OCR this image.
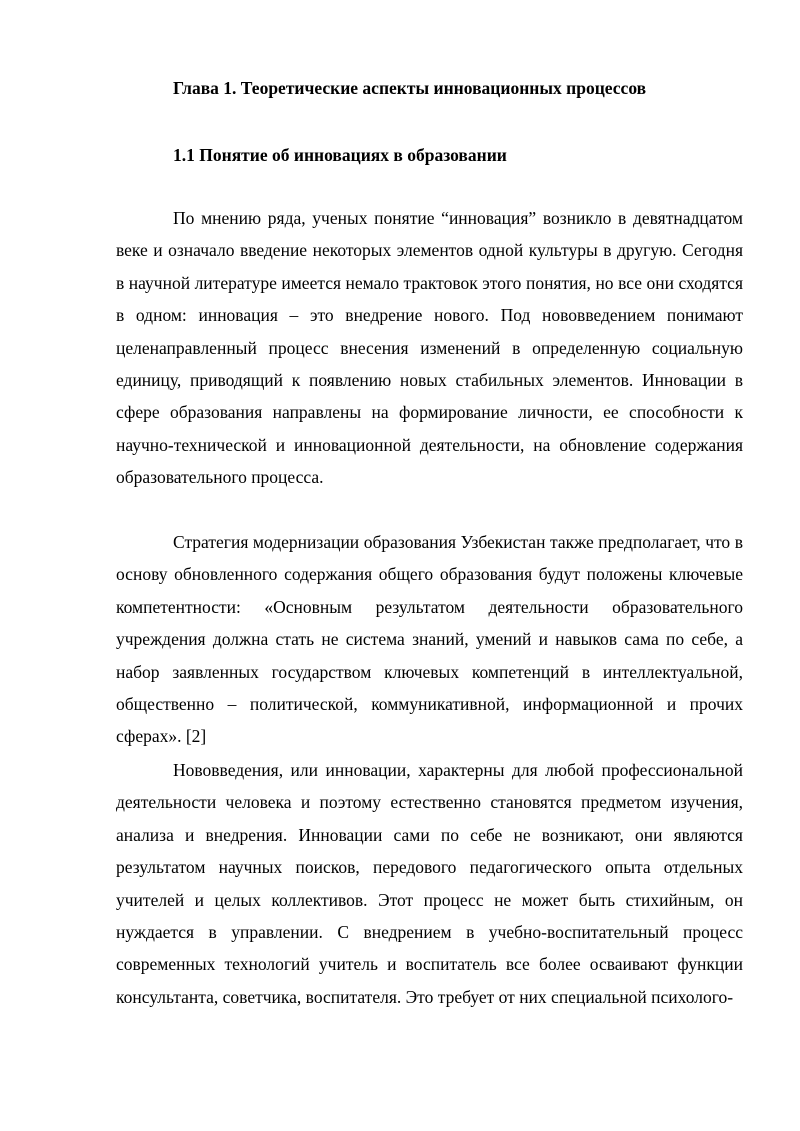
Глава 1. Теоретические аспекты инновационных процессов
1.1 Понятие об инновациях в образовании

По мнению ряда, ученых понятие “инновация” возникло в девятнадцатом веке и означало введение некоторых элементов одной культуры в другую. Сегодня в научной литературе имеется немало трактовок этого понятия, но все они сходятся в одном: инновация – это внедрение нового. Под нововведением понимают целенаправленный процесс внесения изменений в определенную социальную единицу, приводящий к появлению новых стабильных элементов. Инновации в сфере образования направлены на формирование личности, ее способности к научно-технической и инновационной деятельности, на обновление содержания образовательного процесса.

Стратегия модернизации образования Узбекистан также предполагает, что в основу обновленного содержания общего образования будут положены ключевые компетентности: «Основным результатом деятельности образовательного учреждения должна стать не система знаний, умений и навыков сама по себе, а набор заявленных государством ключевых компетенций в интеллектуальной, общественно – политической, коммуникативной, информационной и прочих сферах». [2]

Нововведения, или инновации, характерны для любой профессиональной деятельности человека и поэтому естественно становятся предметом изучения, анализа и внедрения. Инновации сами по себе не возникают, они являются результатом научных поисков, передового педагогического опыта отдельных учителей и целых коллективов. Этот процесс не может быть стихийным, он нуждается в управлении. С внедрением в учебно-воспитательный процесс современных технологий учитель и воспитатель все более осваивают функции консультанта, советчика, воспитателя. Это требует от них специальной психолого-
